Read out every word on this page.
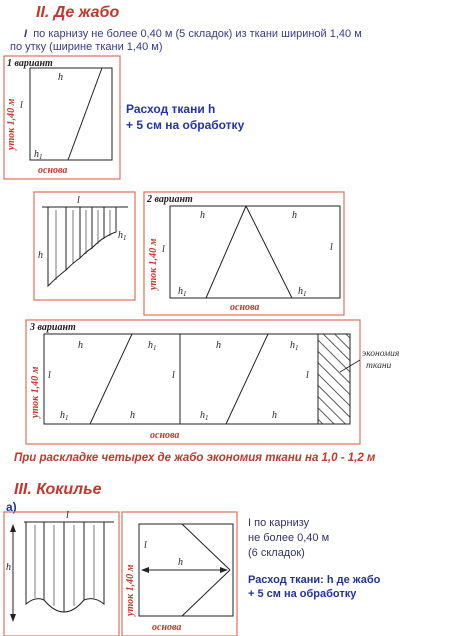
II. Де жабо
I по карнизу не более 0,40 м (5 складок) из ткани шириной 1,40 м
по утку (ширине ткани 1,40 м)
Расход ткани h
+ 5 см на обработку
При раскладке четырех де жабо экономия ткани на 1,0 - 1,2 м
III. Кокилье
а)
I по карнизу
не более 0,40 м
(6 складок)
Расход ткани: h де жабо
+ 5 см на обработку
1 вариант
h
l
$h_1$
уток 1,40 м
основа
l
h
$h_1$
2 вариант
h	h
l	l
$h_1$	$h_1$
уток 1,40 м
основа
3 вариант
h	$h_1$	h	$h_1$
l	l	l
$h_1$	h	$h_1$	h
уток 1,40 м
основа
экономия
ткани
h
l
l
h
уток 1,40 м
основа
